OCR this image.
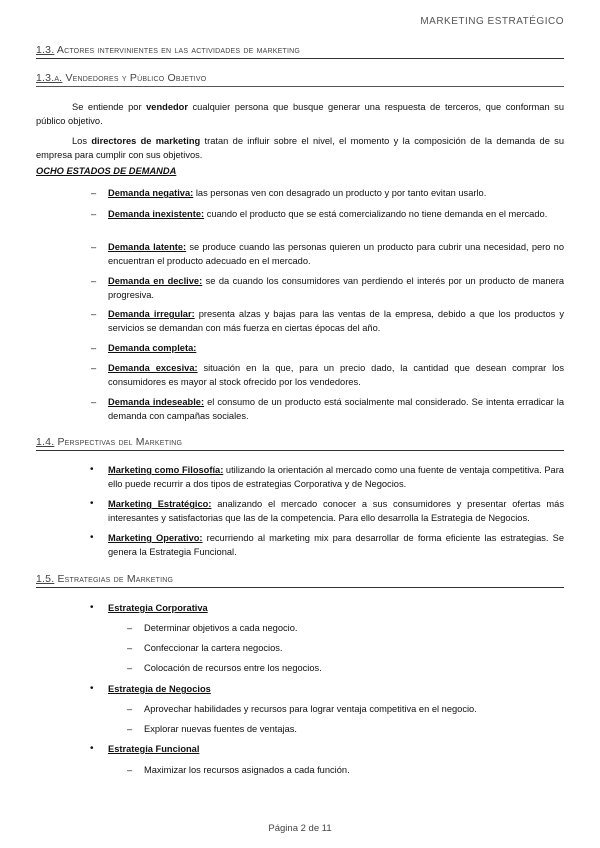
MARKETING ESTRATÉGICO
1.3. Actores intervinientes en las actividades de marketing
1.3.a. Vendedores y Público Objetivo
Se entiende por vendedor cualquier persona que busque generar una respuesta de terceros, que conforman su público objetivo.
Los directores de marketing tratan de influir sobre el nivel, el momento y la composición de la demanda de su empresa para cumplir con sus objetivos.
OCHO ESTADOS DE DEMANDA
– Demanda negativa: las personas ven con desagrado un producto y por tanto evitan usarlo.
– Demanda inexistente: cuando el producto que se está comercializando no tiene demanda en el mercado.
– Demanda latente: se produce cuando las personas quieren un producto para cubrir una necesidad, pero no encuentran el producto adecuado en el mercado.
– Demanda en declive: se da cuando los consumidores van perdiendo el interés por un producto de manera progresiva.
– Demanda irregular: presenta alzas y bajas para las ventas de la empresa, debido a que los productos y servicios se demandan con más fuerza en ciertas épocas del año.
– Demanda completa:
– Demanda excesiva: situación en la que, para un precio dado, la cantidad que desean comprar los consumidores es mayor al stock ofrecido por los vendedores.
– Demanda indeseable: el consumo de un producto está socialmente mal considerado. Se intenta erradicar la demanda con campañas sociales.
1.4. Perspectivas del Marketing
• Marketing como Filosofía: utilizando la orientación al mercado como una fuente de ventaja competitiva. Para ello puede recurrir a dos tipos de estrategias Corporativa y de Negocios.
• Marketing Estratégico: analizando el mercado conocer a sus consumidores y presentar ofertas más interesantes y satisfactorias que las de la competencia. Para ello desarrolla la Estrategia de Negocios.
• Marketing Operativo: recurriendo al marketing mix para desarrollar de forma eficiente las estrategias. Se genera la Estrategia Funcional.
1.5. Estrategias de Marketing
• Estrategia Corporativa
– Determinar objetivos a cada negocio.
– Confeccionar la cartera negocios.
– Colocación de recursos entre los negocios.
• Estrategia de Negocios
– Aprovechar habilidades y recursos para lograr ventaja competitiva en el negocio.
– Explorar nuevas fuentes de ventajas.
• Estrategia Funcional
– Maximizar los recursos asignados a cada función.
Página 2 de 11
